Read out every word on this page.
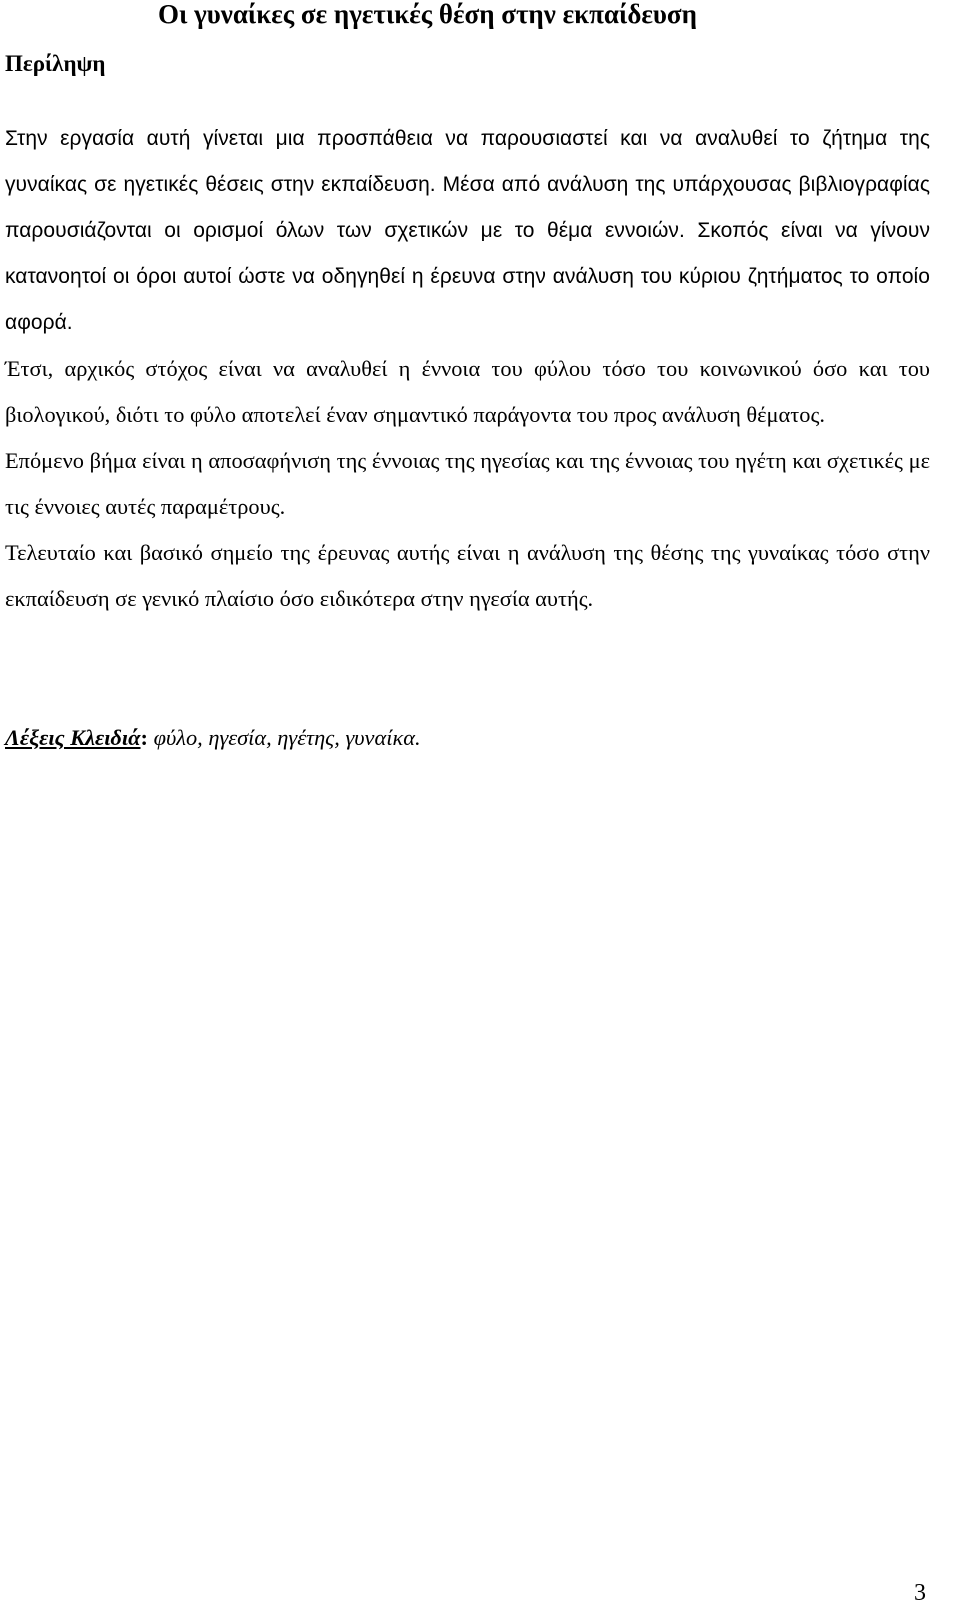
Οι γυναίκες σε ηγετικές θέση στην εκπαίδευση
Περίληψη

Στην εργασία αυτή γίνεται μια προσπάθεια να παρουσιαστεί και να αναλυθεί το ζήτημα της γυναίκας σε ηγετικές θέσεις στην εκπαίδευση. Μέσα από ανάλυση της υπάρχουσας βιβλιογραφίας παρουσιάζονται οι ορισμοί όλων των σχετικών με το θέμα εννοιών. Σκοπός είναι να γίνουν κατανοητοί οι όροι αυτοί ώστε να οδηγηθεί η έρευνα στην ανάλυση του κύριου ζητήματος το οποίο αφορά.

Έτσι, αρχικός στόχος είναι να αναλυθεί η έννοια του φύλου τόσο του κοινωνικού όσο και του βιολογικού, διότι το φύλο αποτελεί έναν σημαντικό παράγοντα του προς ανάλυση θέματος.

Επόμενο βήμα είναι η αποσαφήνιση της έννοιας της ηγεσίας και της έννοιας του ηγέτη και σχετικές με τις έννοιες αυτές παραμέτρους.

Τελευταίο και βασικό σημείο της έρευνας αυτής είναι η ανάλυση της θέσης της γυναίκας τόσο στην εκπαίδευση σε γενικό πλαίσιο όσο ειδικότερα στην ηγεσία αυτής.

Λέξεις Κλειδιά: φύλο, ηγεσία, ηγέτης, γυναίκα.

3
